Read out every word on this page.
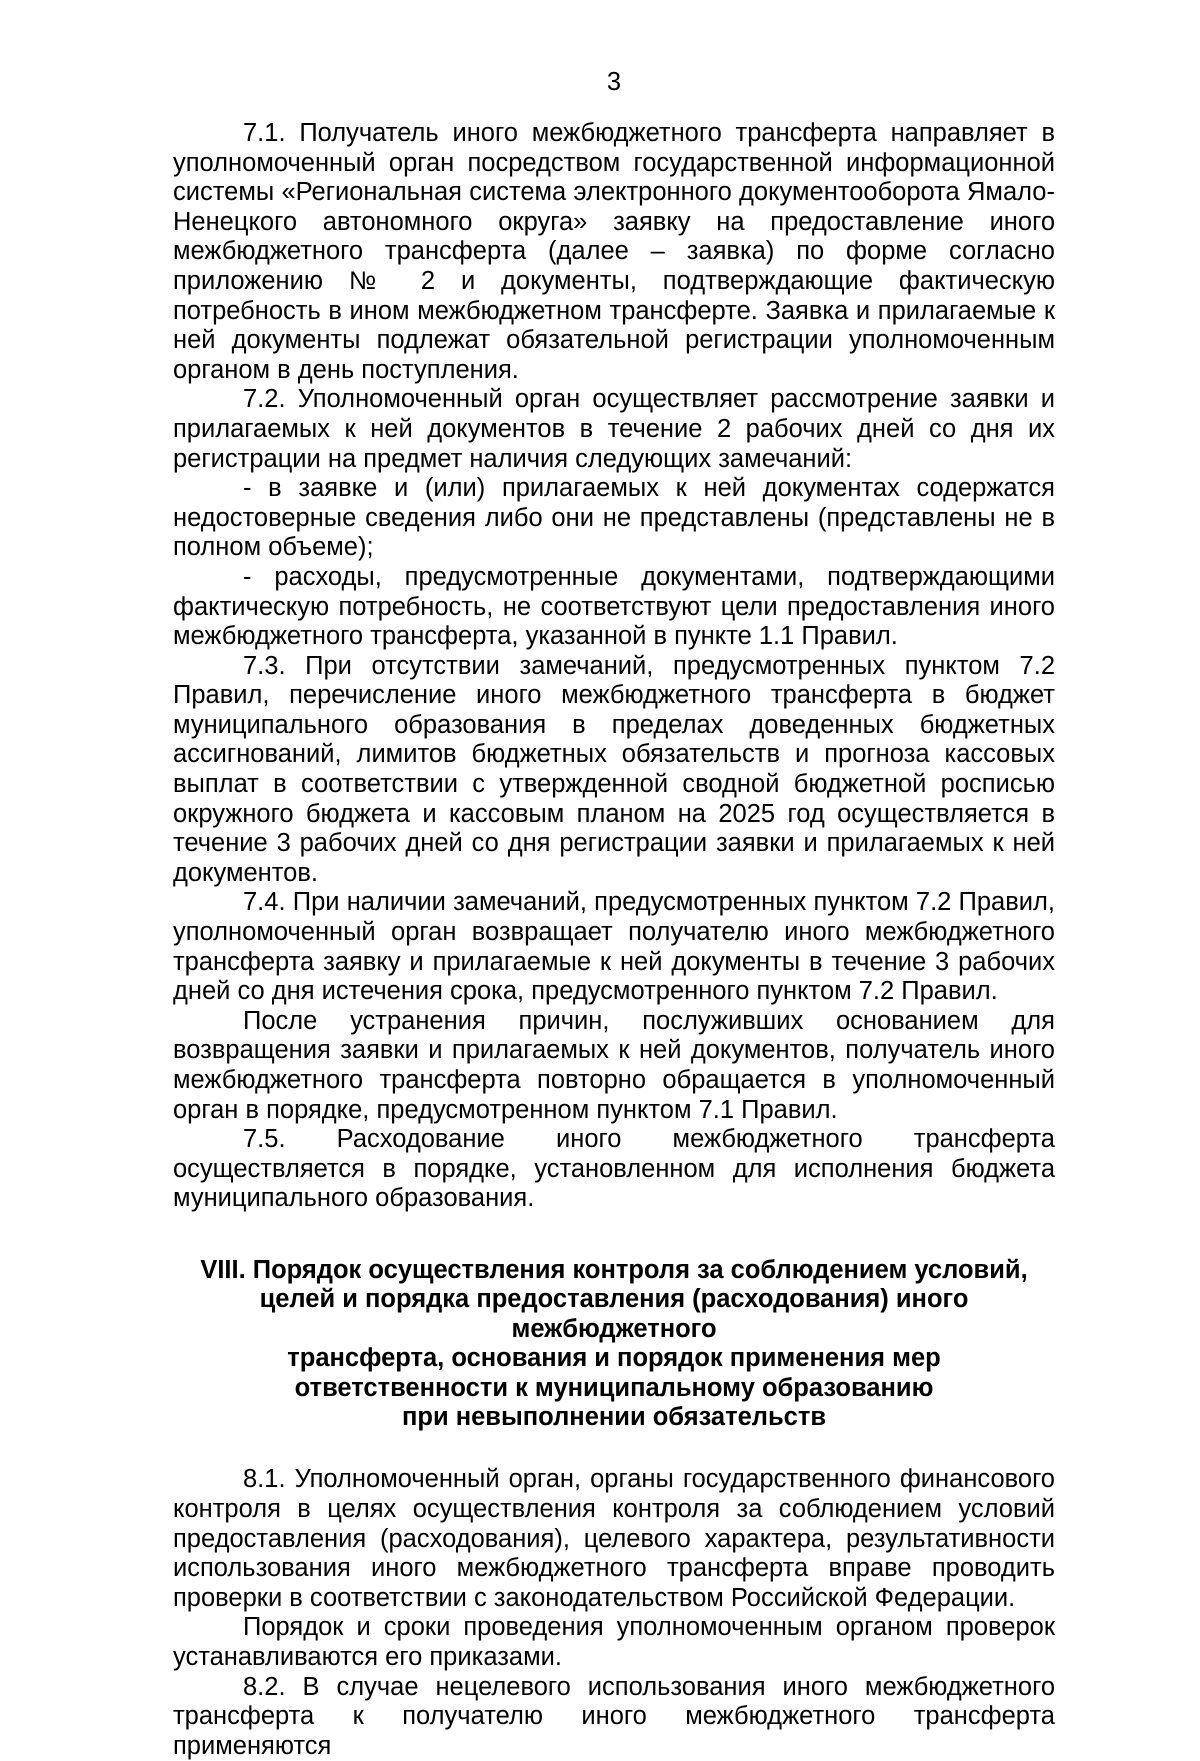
3

7.1. Получатель иного межбюджетного трансферта направляет в уполномоченный орган посредством государственной информационной системы «Региональная система электронного документооборота Ямало-Ненецкого автономного округа» заявку на предоставление иного межбюджетного трансферта (далее – заявка) по форме согласно приложению № 2 и документы, подтверждающие фактическую потребность в ином межбюджетном трансферте. Заявка и прилагаемые к ней документы подлежат обязательной регистрации уполномоченным органом в день поступления.

7.2. Уполномоченный орган осуществляет рассмотрение заявки и прилагаемых к ней документов в течение 2 рабочих дней со дня их регистрации на предмет наличия следующих замечаний:

- в заявке и (или) прилагаемых к ней документах содержатся недостоверные сведения либо они не представлены (представлены не в полном объеме);

- расходы, предусмотренные документами, подтверждающими фактическую потребность, не соответствуют цели предоставления иного межбюджетного трансферта, указанной в пункте 1.1 Правил.

7.3. При отсутствии замечаний, предусмотренных пунктом 7.2 Правил, перечисление иного межбюджетного трансферта в бюджет муниципального образования в пределах доведенных бюджетных ассигнований, лимитов бюджетных обязательств и прогноза кассовых выплат в соответствии с утвержденной сводной бюджетной росписью окружного бюджета и кассовым планом на 2025 год осуществляется в течение 3 рабочих дней со дня регистрации заявки и прилагаемых к ней документов.

7.4. При наличии замечаний, предусмотренных пунктом 7.2 Правил, уполномоченный орган возвращает получателю иного межбюджетного трансферта заявку и прилагаемые к ней документы в течение 3 рабочих дней со дня истечения срока, предусмотренного пунктом 7.2 Правил.

После устранения причин, послуживших основанием для возвращения заявки и прилагаемых к ней документов, получатель иного межбюджетного трансферта повторно обращается в уполномоченный орган в порядке, предусмотренном пунктом 7.1 Правил.

7.5. Расходование иного межбюджетного трансферта осуществляется в порядке, установленном для исполнения бюджета муниципального образования.

VIII. Порядок осуществления контроля за соблюдением условий,
целей и порядка предоставления (расходования) иного межбюджетного
трансферта, основания и порядок применения мер
ответственности к муниципальному образованию
при невыполнении обязательств

8.1. Уполномоченный орган, органы государственного финансового контроля в целях осуществления контроля за соблюдением условий предоставления (расходования), целевого характера, результативности использования иного межбюджетного трансферта вправе проводить проверки в соответствии с законодательством Российской Федерации.

Порядок и сроки проведения уполномоченным органом проверок устанавливаются его приказами.

8.2. В случае нецелевого использования иного межбюджетного трансферта к получателю иного межбюджетного трансферта применяются
